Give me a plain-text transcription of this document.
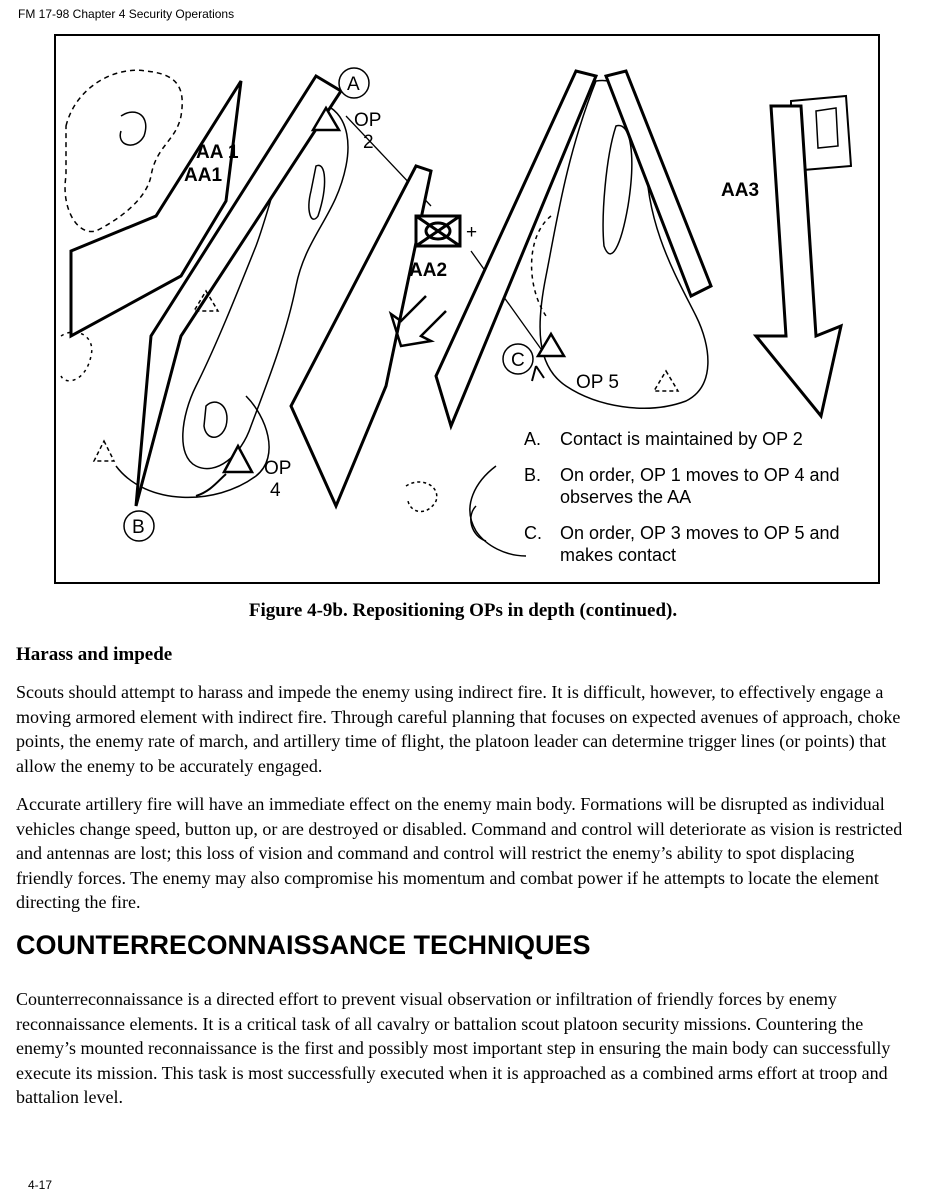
FM 17-98 Chapter 4 Security Operations
A
B
C
AA 1
AA1
AA2
AA3
OP
2
OP
4
OP 5
+
A. Contact is maintained by OP 2
B. On order, OP 1 moves to OP 4 and observes the AA
C. On order, OP 3 moves to OP 5 and makes contact
Figure 4-9b. Repositioning OPs in depth (continued).
Harass and impede

Scouts should attempt to harass and impede the enemy using indirect fire. It is difficult, however, to effectively engage a moving armored element with indirect fire. Through careful planning that focuses on expected avenues of approach, choke points, the enemy rate of march, and artillery time of flight, the platoon leader can determine trigger lines (or points) that allow the enemy to be accurately engaged.

Accurate artillery fire will have an immediate effect on the enemy main body. Formations will be disrupted as individual vehicles change speed, button up, or are destroyed or disabled. Command and control will deteriorate as vision is restricted and antennas are lost; this loss of vision and command and control will restrict the enemy’s ability to spot displacing friendly forces. The enemy may also compromise his momentum and combat power if he attempts to locate the element directing the fire.

COUNTERRECONNAISSANCE TECHNIQUES

Counterreconnaissance is a directed effort to prevent visual observation or infiltration of friendly forces by enemy reconnaissance elements. It is a critical task of all cavalry or battalion scout platoon security missions. Countering the enemy’s mounted reconnaissance is the first and possibly most important step in ensuring the main body can successfully execute its mission. This task is most successfully executed when it is approached as a combined arms effort at troop and battalion level.

4-17
